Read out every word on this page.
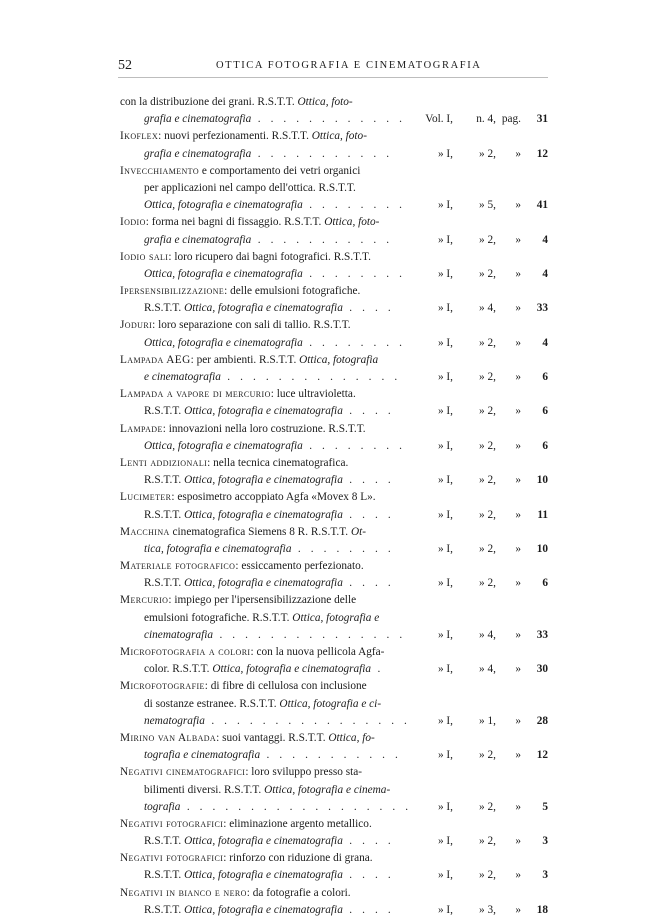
52	OTTICA FOTOGRAFIA E CINEMATOGRAFIA
con la distribuzione dei grani. R.S.T.T. Ottica, foto-
grafia e cinematografia . . . . . . . . . . . . Vol. I, n. 4, pag. 31
Ikoflex: nuovi perfezionamenti. R.S.T.T. Ottica, foto-
grafia e cinematografia . . . . . . . . . . .	» I, » 2, » 12
Invecchiamento e comportamento dei vetri organici
per applicazioni nel campo dell'ottica. R.S.T.T.
Ottica, fotografia e cinematografia . . . . . . . .	» I, » 5, » 41
Iodio: forma nei bagni di fissaggio. R.S.T.T. Ottica, foto-
grafia e cinematografia . . . . . . . . . . .	» I, » 2, » 4
Iodio sali: loro ricupero dai bagni fotografici. R.S.T.T.
Ottica, fotografia e cinematografia . . . . . . . .	» I, » 2, » 4
Ipersensibilizzazione: delle emulsioni fotografiche.
R.S.T.T. Ottica, fotografia e cinematografia . . . .	» I, » 4, » 33
Joduri: loro separazione con sali di tallio. R.S.T.T.
Ottica, fotografia e cinematografia . . . . . . . .	» I, » 2, » 4
Lampada AEG: per ambienti. R.S.T.T. Ottica, fotografia
e cinematografia . . . . . . . . . . . . . .	» I, » 2, » 6
Lampada a vapore di mercurio: luce ultravioletta.
R.S.T.T. Ottica, fotografia e cinematografia . . . .	» I, » 2, » 6
Lampade: innovazioni nella loro costruzione. R.S.T.T.
Ottica, fotografia e cinematografia . . . . . . . .	» I, » 2, » 6
Lenti addizionali: nella tecnica cinematografica.
R.S.T.T. Ottica, fotografia e cinematografia . . . .	» I, » 2, » 10
Lucimeter: esposimetro accoppiato Agfa «Movex 8 L».
R.S.T.T. Ottica, fotografia e cinematografia . . . .	» I, » 2, » 11
Macchina cinematografica Siemens 8 R. R.S.T.T. Ot-
tica, fotografia e cinematografia . . . . . . . .	» I, » 2, » 10
Materiale fotografico: essiccamento perfezionato.
R.S.T.T. Ottica, fotografia e cinematografia . . . .	» I, » 2, » 6
Mercurio: impiego per l'ipersensibilizzazione delle
emulsioni fotografiche. R.S.T.T. Ottica, fotografia e
cinematografia . . . . . . . . . . . . . . .	» I, » 4, » 33
Microfotografia a colori: con la nuova pellicola Agfa-
color. R.S.T.T. Ottica, fotografia e cinematografia .	» I, » 4, » 30
Microfotografie: di fibre di cellulosa con inclusione
di sostanze estranee. R.S.T.T. Ottica, fotografia e ci-
nematografia . . . . . . . . . . . . . . . . » I, » 1, » 28
Mirino van Albada: suoi vantaggi. R.S.T.T. Ottica, fo-
tografia e cinematografia . . . . . . . . . . .	» I, » 2, » 12
Negativi cinematografici: loro sviluppo presso sta-
bilimenti diversi. R.S.T.T. Ottica, fotografia e cinema-
tografia . . . . . . . . . . . . . . . . . . » I, » 2, » 5
Negativi fotografici: eliminazione argento metallico.
R.S.T.T. Ottica, fotografia e cinematografia . . . .	» I, » 2, » 3
Negativi fotografici: rinforzo con riduzione di grana.
R.S.T.T. Ottica, fotografia e cinematografia . . . .	» I, » 2, » 3
Negativi in bianco e nero: da fotografie a colori.
R.S.T.T. Ottica, fotografia e cinematografia . . . .	» I, » 3, » 18
